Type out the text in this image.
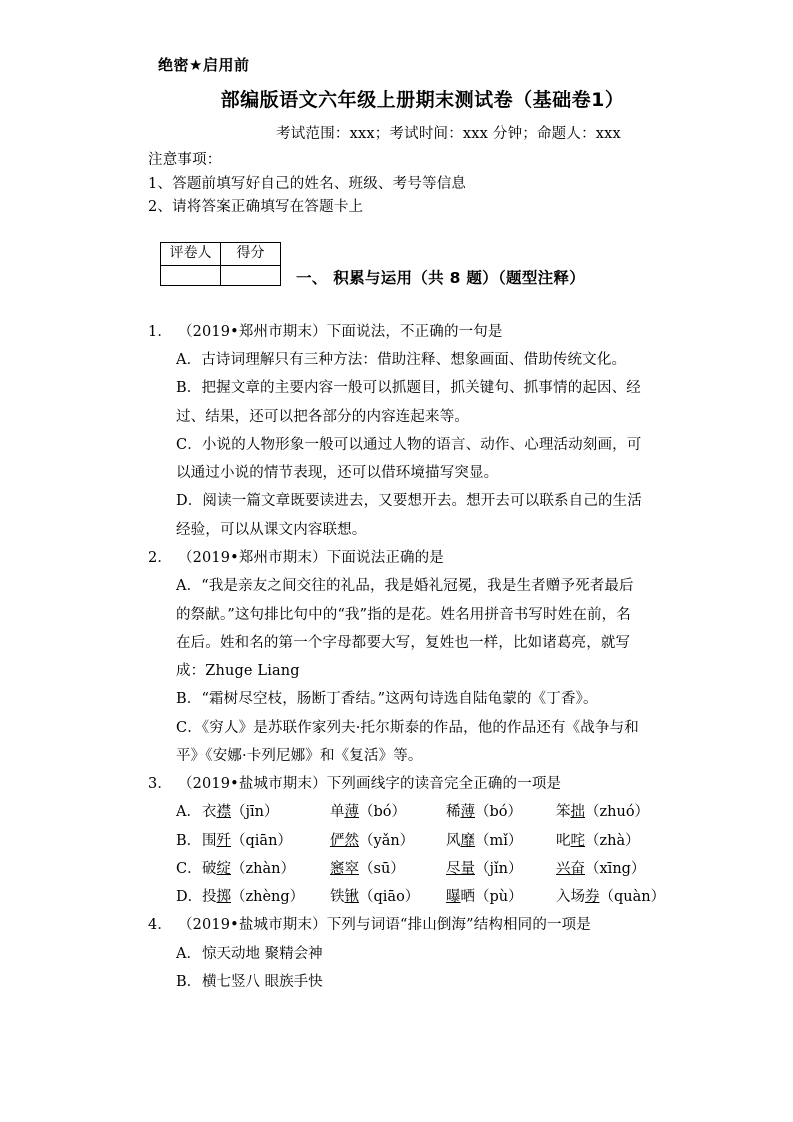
绝密★启用前
部编版语文六年级上册期末测试卷（基础卷1）
考试范围：xxx；考试时间：xxx 分钟；命题人：xxx
注意事项：
1、答题前填写好自己的姓名、班级、考号等信息
2、请将答案正确填写在答题卡上
评卷人	得分

一、 积累与运用（共 8 题）（题型注释）
1． （2019•郑州市期末）下面说法，不正确的一句是
A．古诗词理解只有三种方法：借助注释、想象画面、借助传统文化。
B．把握文章的主要内容一般可以抓题目，抓关键句、抓事情的起因、经
过、结果，还可以把各部分的内容连起来等。
C．小说的人物形象一般可以通过人物的语言、动作、心理活动刻画，可
以通过小说的情节表现，还可以借环境描写突显。
D．阅读一篇文章既要读进去，又要想开去。想开去可以联系自己的生活
经验，可以从课文内容联想。
2． （2019•郑州市期末）下面说法正确的是
A．“我是亲友之间交往的礼品，我是婚礼冠冕，我是生者赠予死者最后
的祭献。”这句排比句中的“我”指的是花。姓名用拼音书写时姓在前，名
在后。姓和名的第一个字母都要大写，复姓也一样，比如诸葛亮，就写
成：Zhuge Liang
B．“霜树尽空枝，肠断丁香结。”这两句诗选自陆龟蒙的《丁香》。
C．《穷人》是苏联作家列夫·托尔斯泰的作品，他的作品还有《战争与和
平》《安娜·卡列尼娜》和《复活》等。
3． （2019•盐城市期末）下列画线字的读音完全正确的一项是
A． 衣襟（jīn）	单薄（bó）	稀薄（bó）	笨拙（zhuó）
B． 围歼（qiān）	俨然（yǎn）	风靡（mǐ）	叱咤（zhà）
C． 破绽（zhàn）	窸窣（sū）	尽量（jǐn）	兴奋（xīng）
D． 投掷（zhèng）	铁锹（qiāo）	曝晒（pù）	入场券（quàn）
4． （2019•盐城市期末）下列与词语“排山倒海”结构相同的一项是
A．惊天动地 聚精会神
B．横七竖八 眼族手快
